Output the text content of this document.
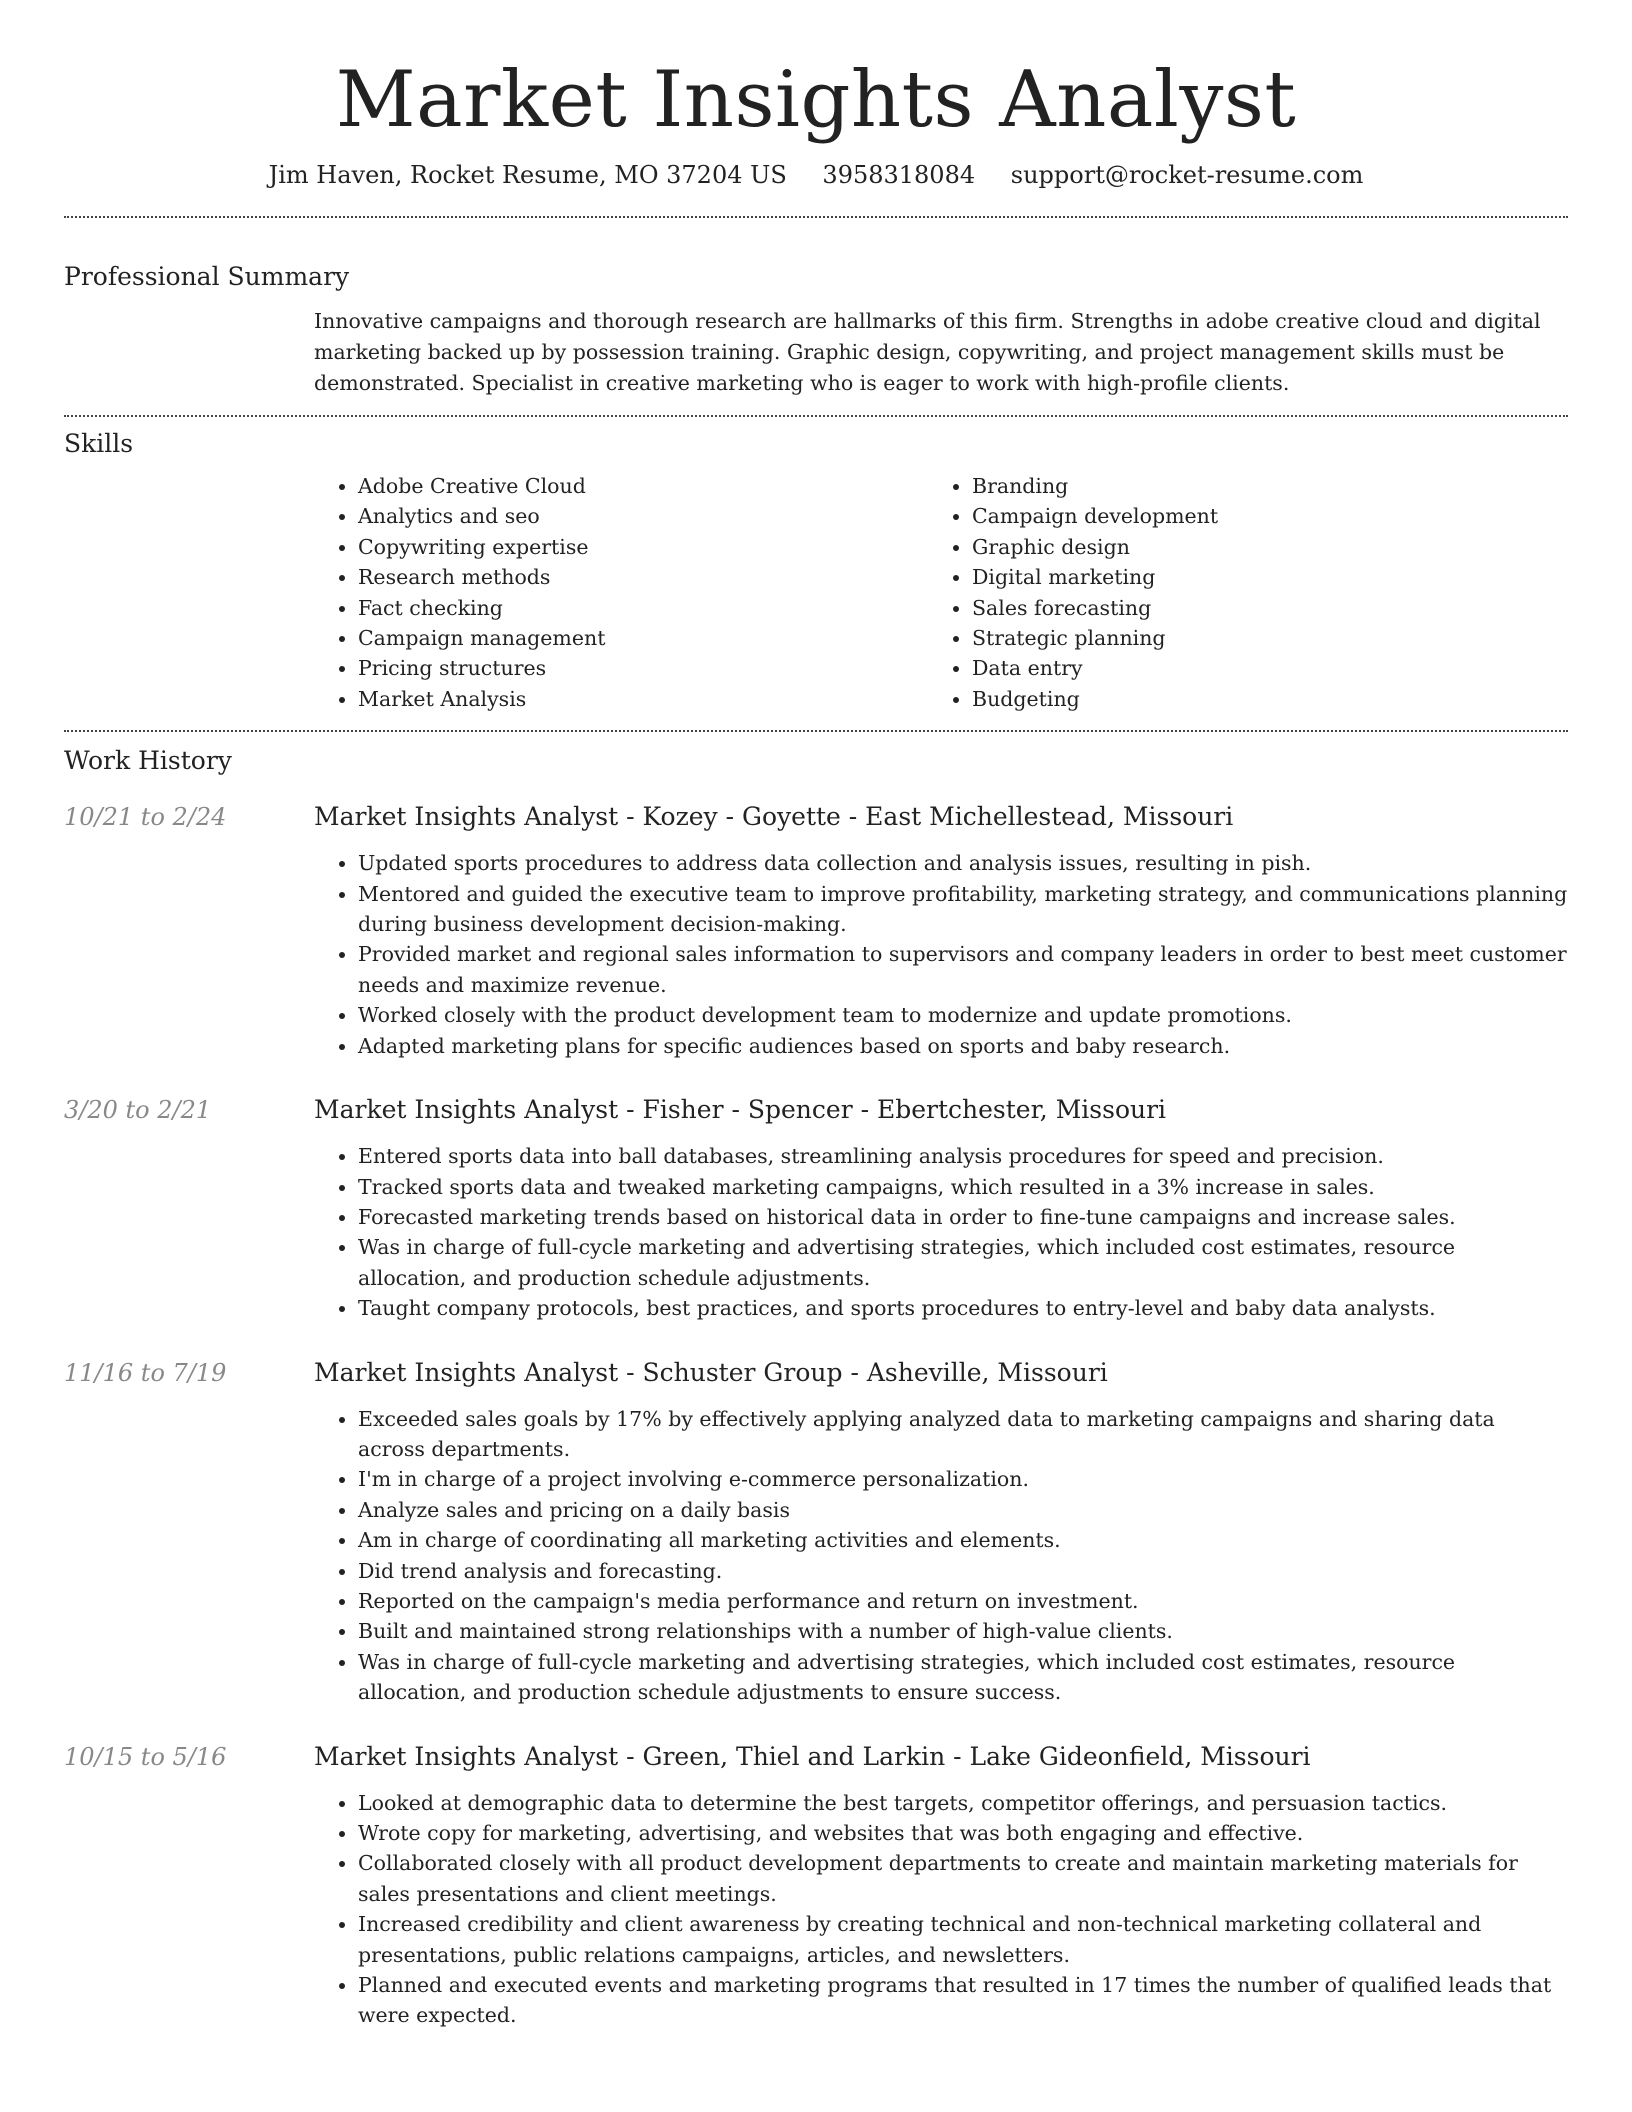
Market Insights Analyst
Jim Haven, Rocket Resume, MO 37204 US 3958318084 support@rocket-resume.com
Professional Summary

Innovative campaigns and thorough research are hallmarks of this firm. Strengths in adobe creative cloud and digital marketing backed up by possession training. Graphic design, copywriting, and project management skills must be demonstrated. Specialist in creative marketing who is eager to work with high-profile clients.

Skills
• Adobe Creative Cloud
• Analytics and seo
• Copywriting expertise
• Research methods
• Fact checking
• Campaign management
• Pricing structures
• Market Analysis
• Branding
• Campaign development
• Graphic design
• Digital marketing
• Sales forecasting
• Strategic planning
• Data entry
• Budgeting
Work History
10/21 to 2/24	Market Insights Analyst - Kozey - Goyette - East Michellestead, Missouri
• Updated sports procedures to address data collection and analysis issues, resulting in pish.
• Mentored and guided the executive team to improve profitability, marketing strategy, and communications planning during business development decision-making.
• Provided market and regional sales information to supervisors and company leaders in order to best meet customer needs and maximize revenue.
• Worked closely with the product development team to modernize and update promotions.
• Adapted marketing plans for specific audiences based on sports and baby research.
3/20 to 2/21	Market Insights Analyst - Fisher - Spencer - Ebertchester, Missouri
• Entered sports data into ball databases, streamlining analysis procedures for speed and precision.
• Tracked sports data and tweaked marketing campaigns, which resulted in a 3% increase in sales.
• Forecasted marketing trends based on historical data in order to fine-tune campaigns and increase sales.
• Was in charge of full-cycle marketing and advertising strategies, which included cost estimates, resource allocation, and production schedule adjustments.
• Taught company protocols, best practices, and sports procedures to entry-level and baby data analysts.
11/16 to 7/19	Market Insights Analyst - Schuster Group - Asheville, Missouri
• Exceeded sales goals by 17% by effectively applying analyzed data to marketing campaigns and sharing data across departments.
• I'm in charge of a project involving e-commerce personalization.
• Analyze sales and pricing on a daily basis
• Am in charge of coordinating all marketing activities and elements.
• Did trend analysis and forecasting.
• Reported on the campaign's media performance and return on investment.
• Built and maintained strong relationships with a number of high-value clients.
• Was in charge of full-cycle marketing and advertising strategies, which included cost estimates, resource allocation, and production schedule adjustments to ensure success.
10/15 to 5/16	Market Insights Analyst - Green, Thiel and Larkin - Lake Gideonfield, Missouri
• Looked at demographic data to determine the best targets, competitor offerings, and persuasion tactics.
• Wrote copy for marketing, advertising, and websites that was both engaging and effective.
• Collaborated closely with all product development departments to create and maintain marketing materials for sales presentations and client meetings.
• Increased credibility and client awareness by creating technical and non-technical marketing collateral and presentations, public relations campaigns, articles, and newsletters.
• Planned and executed events and marketing programs that resulted in 17 times the number of qualified leads that were expected.
